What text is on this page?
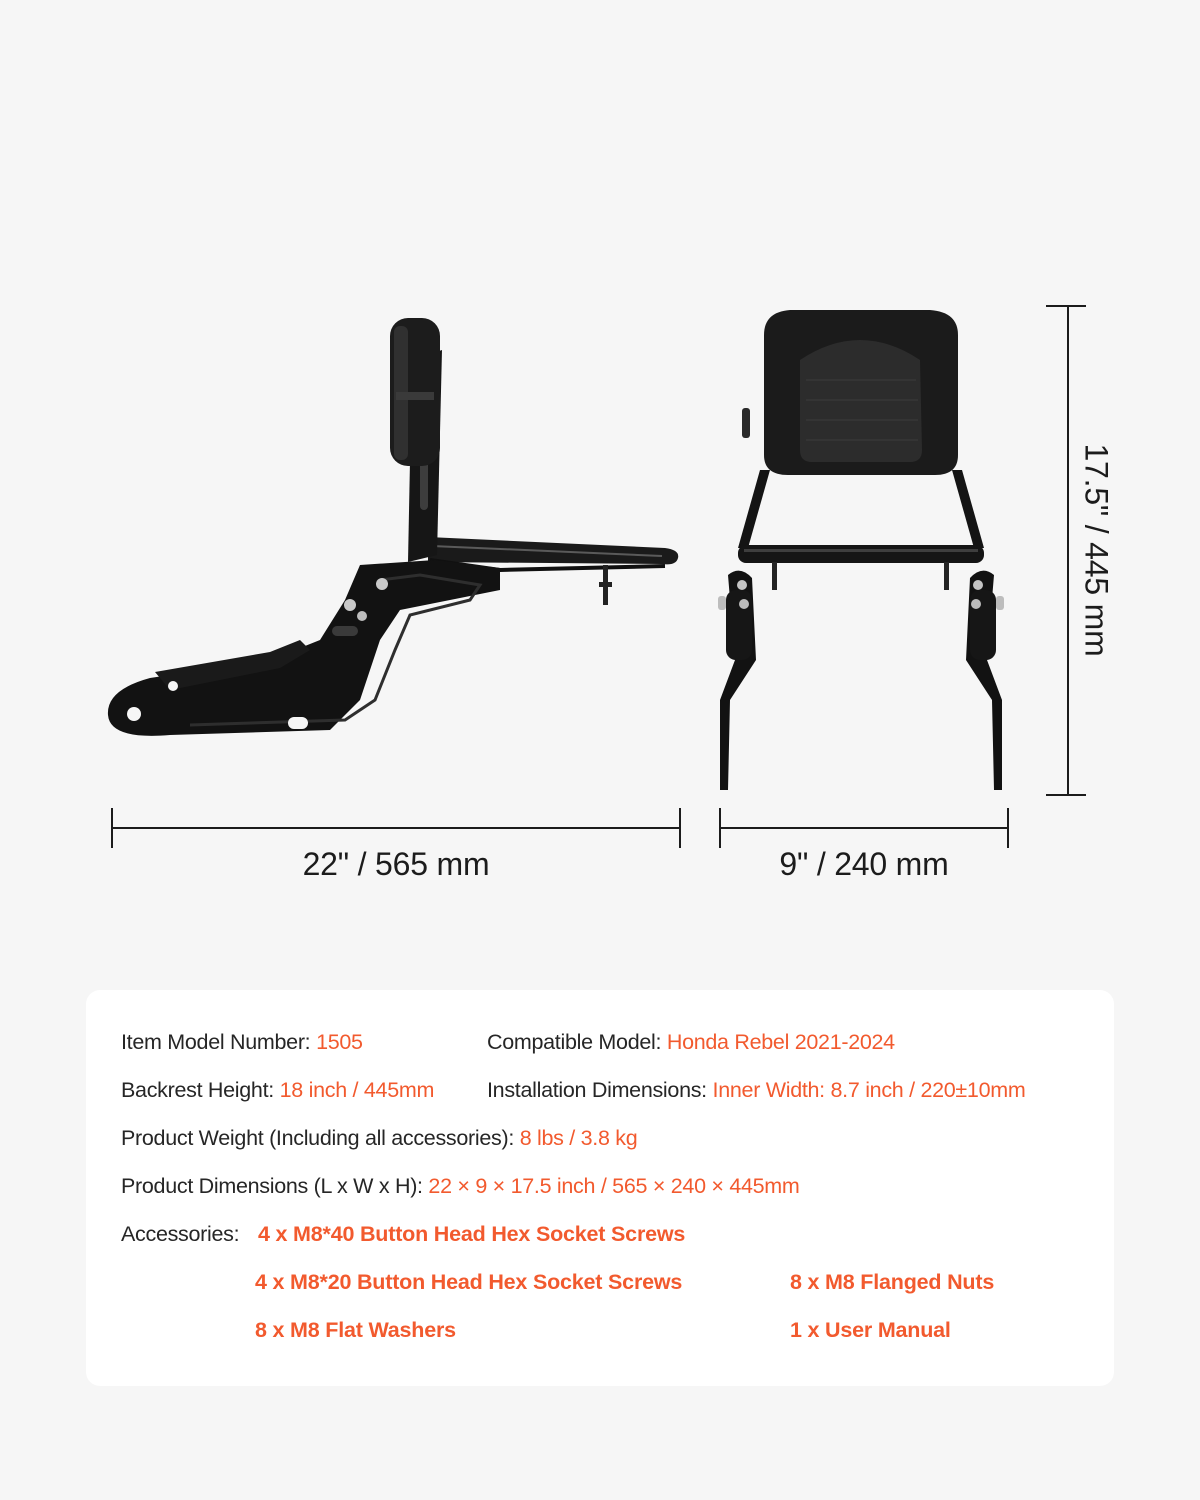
22" / 565 mm	9" / 240 mm
17.5" / 445 mm
Item Model Number: 1505	Compatible Model: Honda Rebel 2021-2024
Backrest Height: 18 inch / 445mm Installation Dimensions: Inner Width: 8.7 inch / 220±10mm
Product Weight (Including all accessories): 8 lbs / 3.8 kg
Product Dimensions (L x W x H): 22 × 9 × 17.5 inch / 565 × 240 × 445mm
Accessories: 4 x M8*40 Button Head Hex Socket Screws
4 x M8*20 Button Head Hex Socket Screws	8 x M8 Flanged Nuts
8 x M8 Flat Washers	1 x User Manual
